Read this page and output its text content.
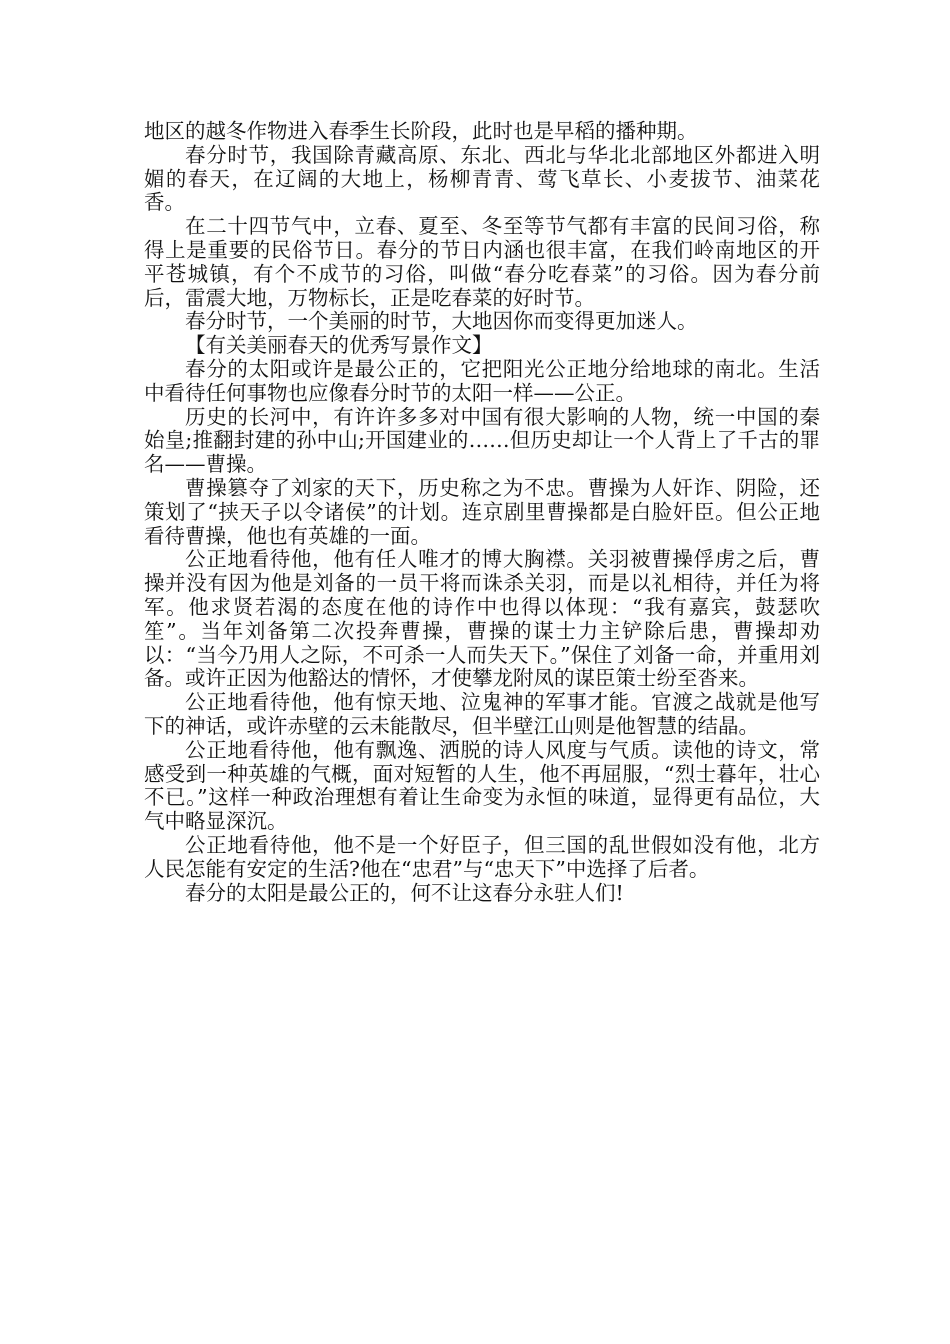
地区的越冬作物进入春季生长阶段，此时也是早稻的播种期。

春分时节，我国除青藏高原、东北、西北与华北北部地区外都进入明媚的春天，在辽阔的大地上，杨柳青青、莺飞草长、小麦拔节、油菜花香。

在二十四节气中，立春、夏至、冬至等节气都有丰富的民间习俗，称得上是重要的民俗节日。春分的节日内涵也很丰富，在我们岭南地区的开平苍城镇，有个不成节的习俗，叫做“春分吃春菜”的习俗。因为春分前后，雷震大地，万物标长，正是吃春菜的好时节。

春分时节，一个美丽的时节，大地因你而变得更加迷人。

【有关美丽春天的优秀写景作文】

春分的太阳或许是最公正的，它把阳光公正地分给地球的南北。生活中看待任何事物也应像春分时节的太阳一样——公正。

历史的长河中，有许许多多对中国有很大影响的人物，统一中国的秦始皇;推翻封建的孙中山;开国建业的……但历史却让一个人背上了千古的罪名——曹操。

曹操篡夺了刘家的天下，历史称之为不忠。曹操为人奸诈、阴险，还策划了“挟天子以令诸侯”的计划。连京剧里曹操都是白脸奸臣。但公正地看待曹操，他也有英雄的一面。

公正地看待他，他有任人唯才的博大胸襟。关羽被曹操俘虏之后，曹操并没有因为他是刘备的一员干将而诛杀关羽，而是以礼相待，并任为将军。他求贤若渴的态度在他的诗作中也得以体现：“我有嘉宾，鼓瑟吹笙”。当年刘备第二次投奔曹操，曹操的谋士力主铲除后患，曹操却劝以：“当今乃用人之际，不可杀一人而失天下。”保住了刘备一命，并重用刘备。或许正因为他豁达的情怀，才使攀龙附凤的谋臣策士纷至沓来。

公正地看待他，他有惊天地、泣鬼神的军事才能。官渡之战就是他写下的神话，或许赤壁的云未能散尽，但半壁江山则是他智慧的结晶。

公正地看待他，他有飘逸、洒脱的诗人风度与气质。读他的诗文，常感受到一种英雄的气概，面对短暂的人生，他不再屈服，“烈士暮年，壮心不已。”这样一种政治理想有着让生命变为永恒的味道，显得更有品位，大气中略显深沉。

公正地看待他，他不是一个好臣子，但三国的乱世假如没有他，北方人民怎能有安定的生活?他在“忠君”与“忠天下”中选择了后者。

春分的太阳是最公正的，何不让这春分永驻人们!
